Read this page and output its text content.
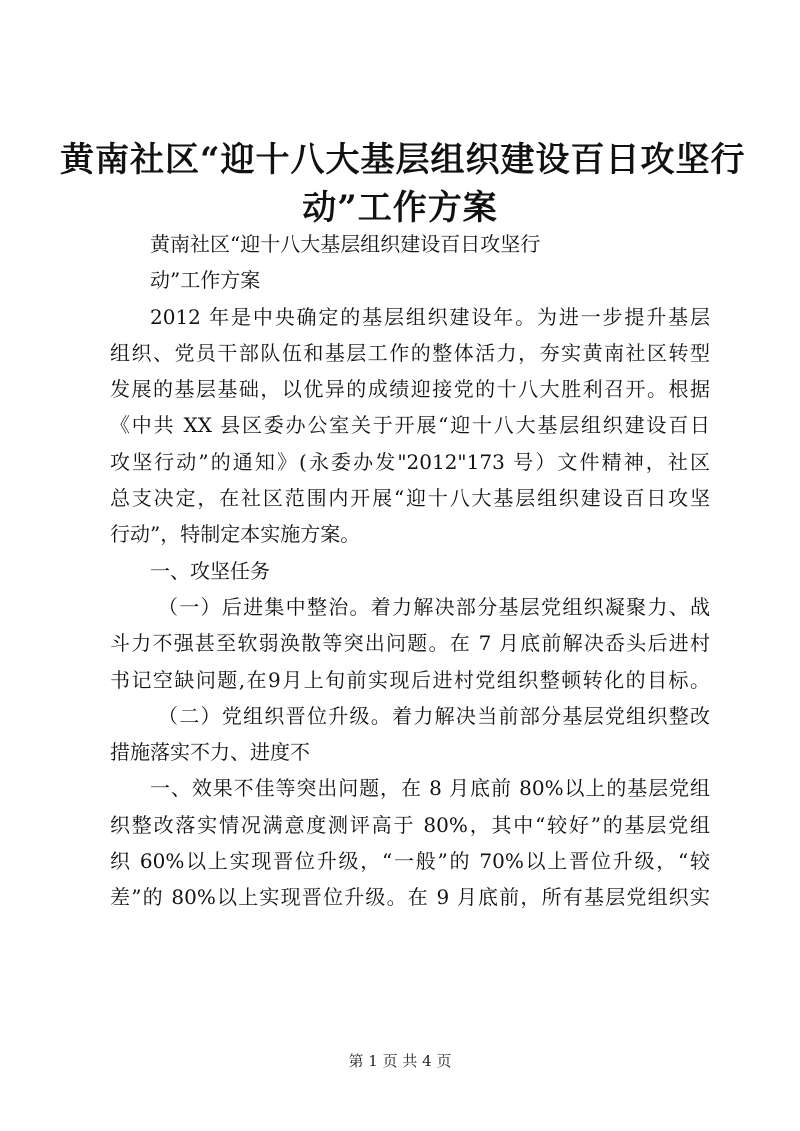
黄南社区“迎十八大基层组织建设百日攻坚行
动”工作方案
黄南社区“迎十八大基层组织建设百日攻坚行
动”工作方案
2012 年是中央确定的基层组织建设年。为进一步提升基层
组织、党员干部队伍和基层工作的整体活力，夯实黄南社区转型
发展的基层基础，以优异的成绩迎接党的十八大胜利召开。根据
《中共 XX 县区委办公室关于开展“迎十八大基层组织建设百日
攻坚行动”的通知》(永委办发"2012"173 号）文件精神，社区
总支决定，在社区范围内开展“迎十八大基层组织建设百日攻坚
行动”，特制定本实施方案。
一、攻坚任务
（一）后进集中整治。着力解决部分基层党组织凝聚力、战
斗力不强甚至软弱涣散等突出问题。在 7 月底前解决岙头后进村
书记空缺问题,在9月上旬前实现后进村党组织整顿转化的目标。
（二）党组织晋位升级。着力解决当前部分基层党组织整改
措施落实不力、进度不
一、效果不佳等突出问题，在 8 月底前 80%以上的基层党组
织整改落实情况满意度测评高于 80%，其中“较好”的基层党组
织 60%以上实现晋位升级，“一般”的 70%以上晋位升级，“较
差”的 80%以上实现晋位升级。在 9 月底前，所有基层党组织实
第 1 页 共 4 页
